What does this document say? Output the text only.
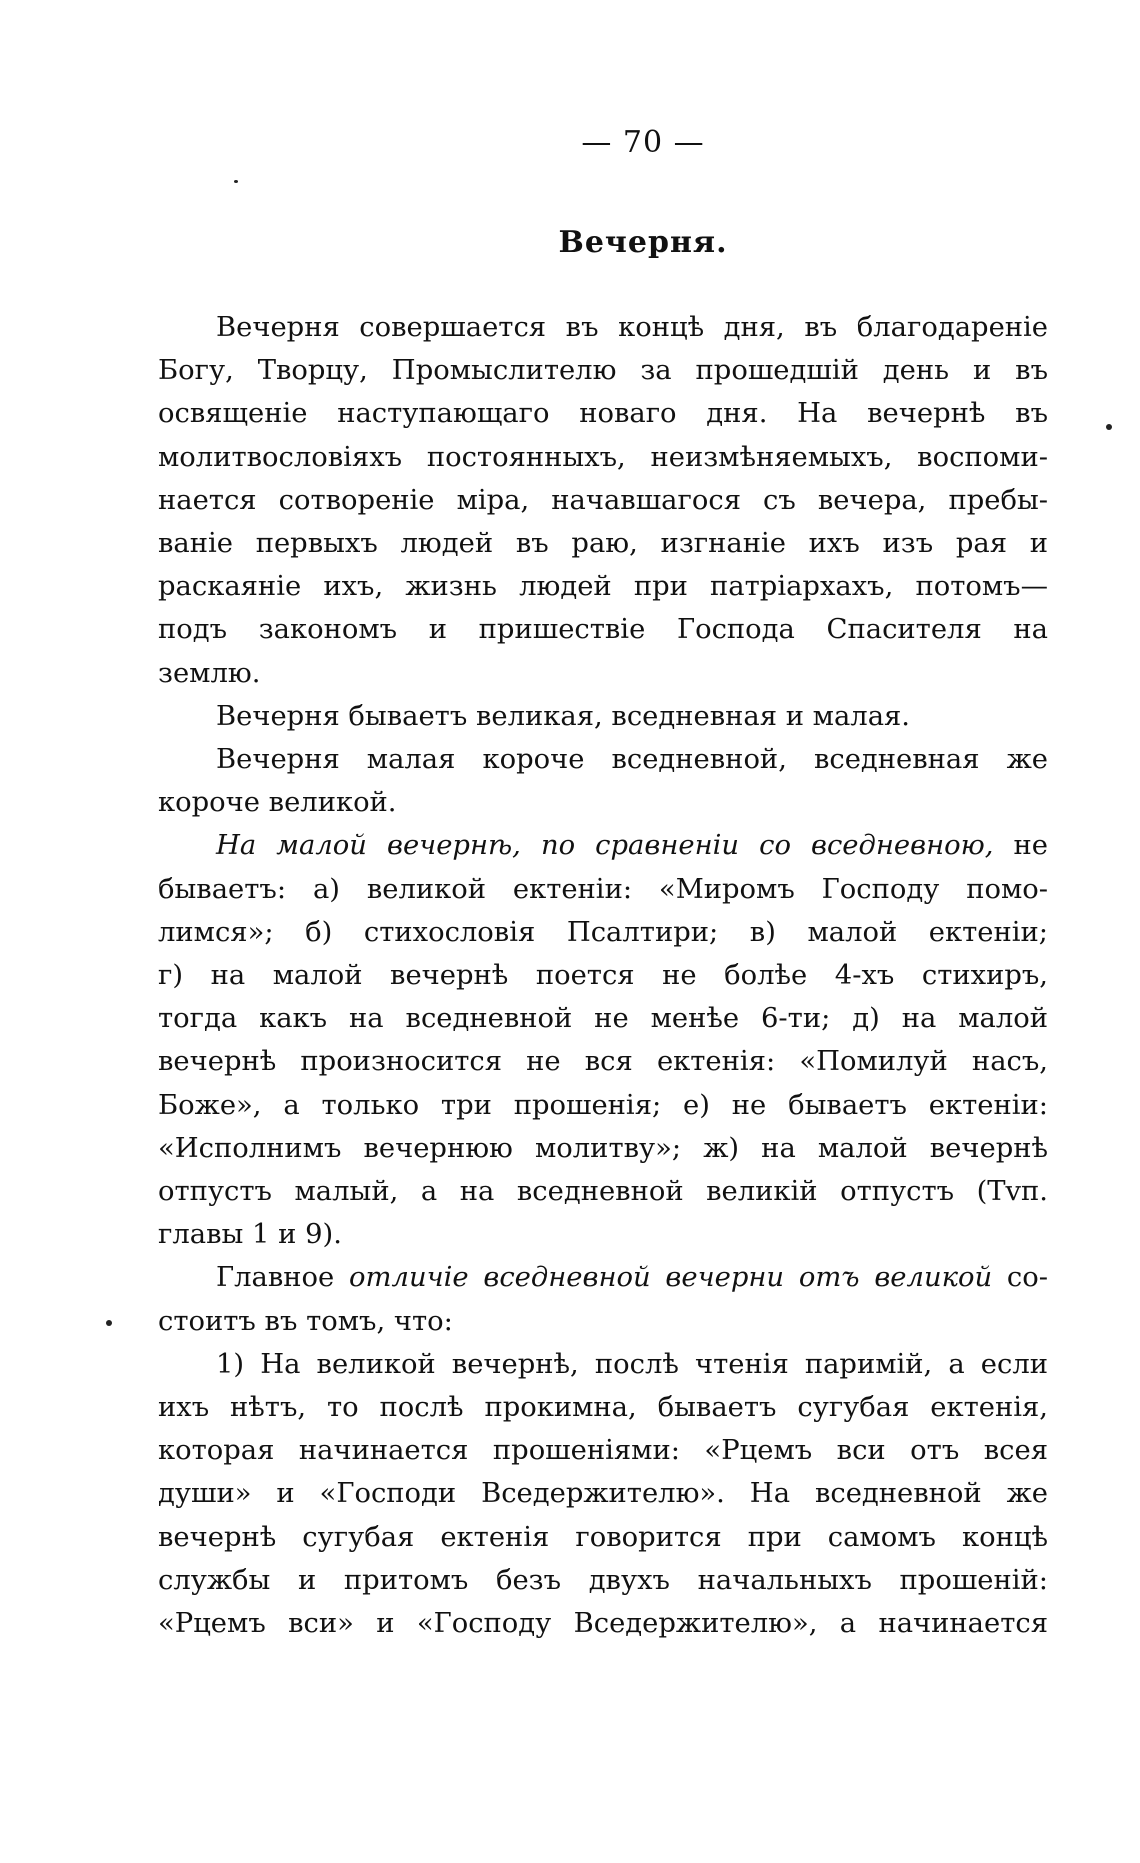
— 70 —
Вечерня.
Вечерня совершается въ концѣ дня, въ благодареніе
Богу, Творцу, Промыслителю за прошедшій день и въ
освященіе наступающаго новаго дня. На вечернѣ въ
молитвословіяхъ постоянныхъ, неизмѣняемыхъ, воспоми-
нается сотвореніе міра, начавшагося съ вечера, пребы-
ваніе первыхъ людей въ раю, изгнаніе ихъ изъ рая и
раскаяніе ихъ, жизнь людей при патріархахъ, потомъ—
подъ закономъ и пришествіе Господа Спасителя на
землю.
Вечерня бываетъ великая, вседневная и малая.
Вечерня малая короче вседневной, вседневная же
короче великой.
На малой вечернѣ, по сравненіи со вседневною, не
бываетъ: а) великой ектеніи: «Миромъ Господу помо-
лимся»; б) стихословія Псалтири; в) малой ектеніи;
г) на малой вечернѣ поется не болѣе 4-хъ стихиръ,
тогда какъ на вседневной не менѣе 6-ти; д) на малой
вечернѣ произносится не вся ектенія: «Помилуй насъ,
Боже», а только три прошенія; е) не бываетъ ектеніи:
«Исполнимъ вечернюю молитву»; ж) на малой вечернѣ
отпустъ малый, а на вседневной великій отпустъ (Тvп.
главы 1 и 9).
Главное отличіе вседневной вечерни отъ великой со-
стоитъ въ томъ, что:
1) На великой вечернѣ, послѣ чтенія паримій, а если
ихъ нѣтъ, то послѣ прокимна, бываетъ сугубая ектенія,
которая начинается прошеніями: «Рцемъ вси отъ всея
души» и «Господи Вседержителю». На вседневной же
вечернѣ сугубая ектенія говорится при самомъ концѣ
службы и притомъ безъ двухъ начальныхъ прошеній:
«Рцемъ вси» и «Господу Вседержителю», а начинается
